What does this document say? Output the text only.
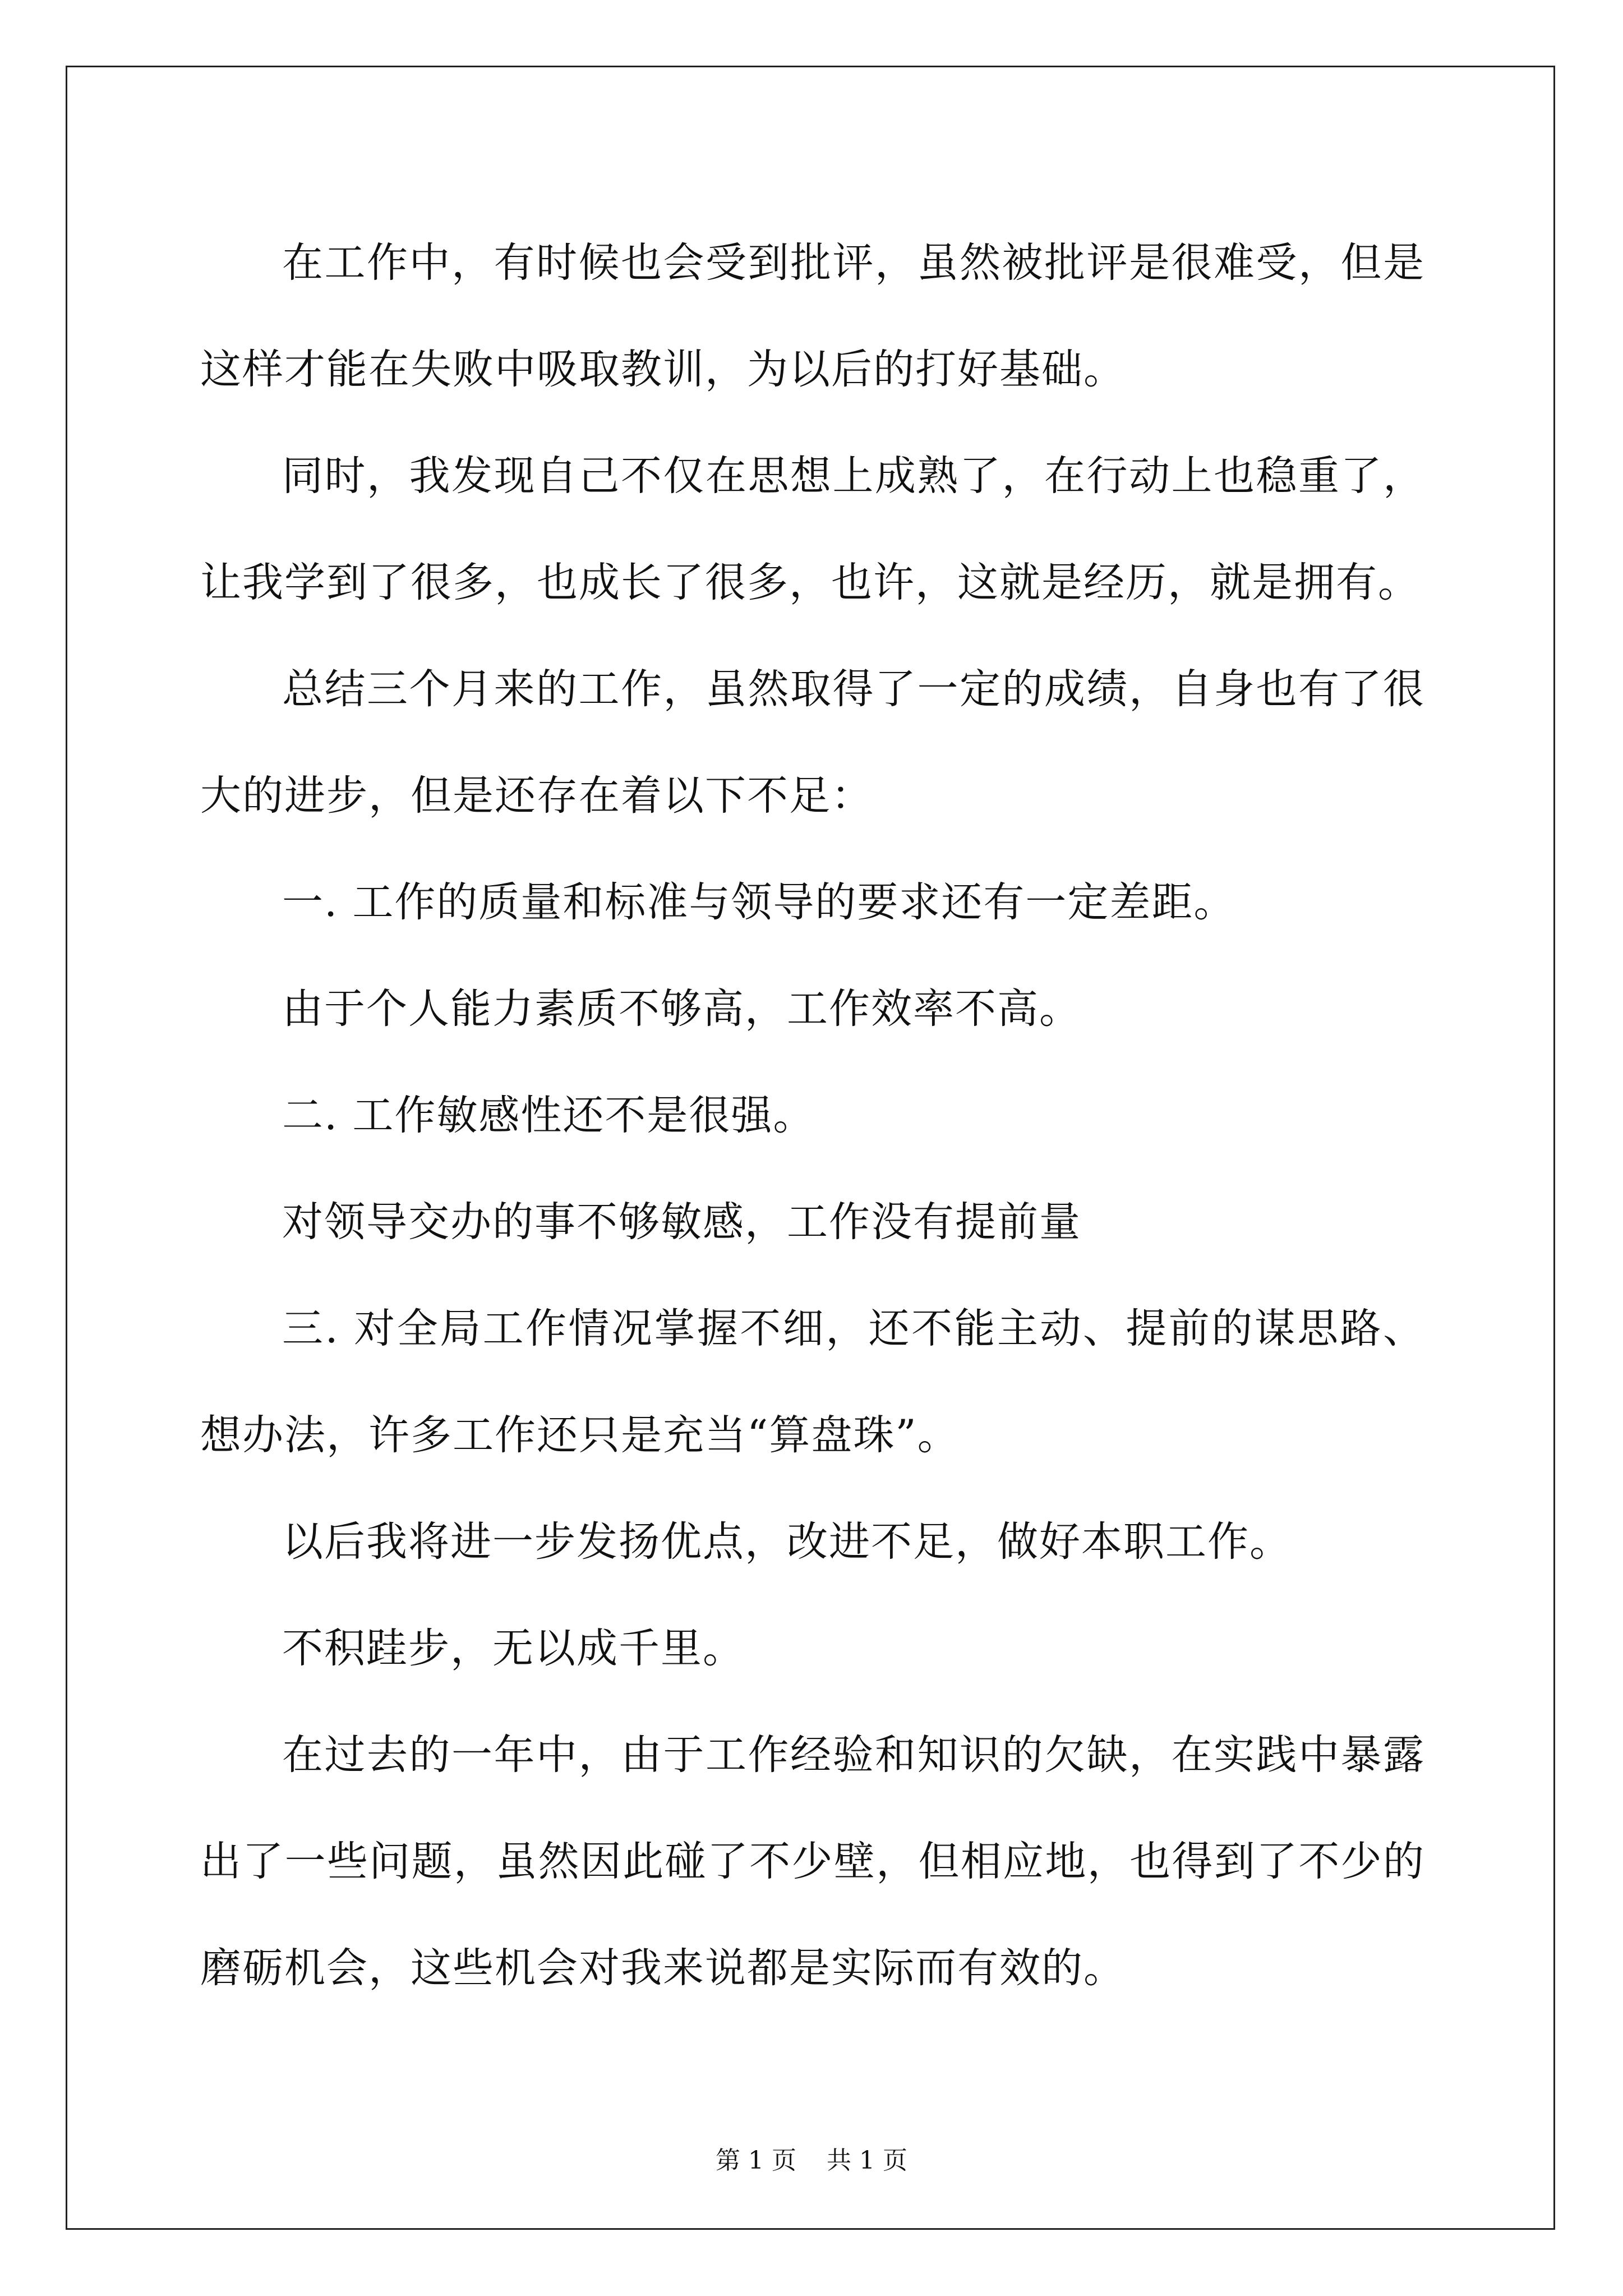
在工作中，有时候也会受到批评，虽然被批评是很难受，但是这样才能在失败中吸取教训，为以后的打好基础。

同时，我发现自己不仅在思想上成熟了，在行动上也稳重了，让我学到了很多，也成长了很多，也许，这就是经历，就是拥有。

总结三个月来的工作，虽然取得了一定的成绩，自身也有了很大的进步，但是还存在着以下不足：

一. 工作的质量和标准与领导的要求还有一定差距。

由于个人能力素质不够高，工作效率不高。

二. 工作敏感性还不是很强。

对领导交办的事不够敏感，工作没有提前量

三. 对全局工作情况掌握不细，还不能主动、提前的谋思路、想办法，许多工作还只是充当“算盘珠”。

以后我将进一步发扬优点，改进不足，做好本职工作。

不积跬步，无以成千里。

在过去的一年中，由于工作经验和知识的欠缺，在实践中暴露出了一些问题，虽然因此碰了不少壁，但相应地，也得到了不少的磨砺机会，这些机会对我来说都是实际而有效的。

第 1 页 共 1 页
